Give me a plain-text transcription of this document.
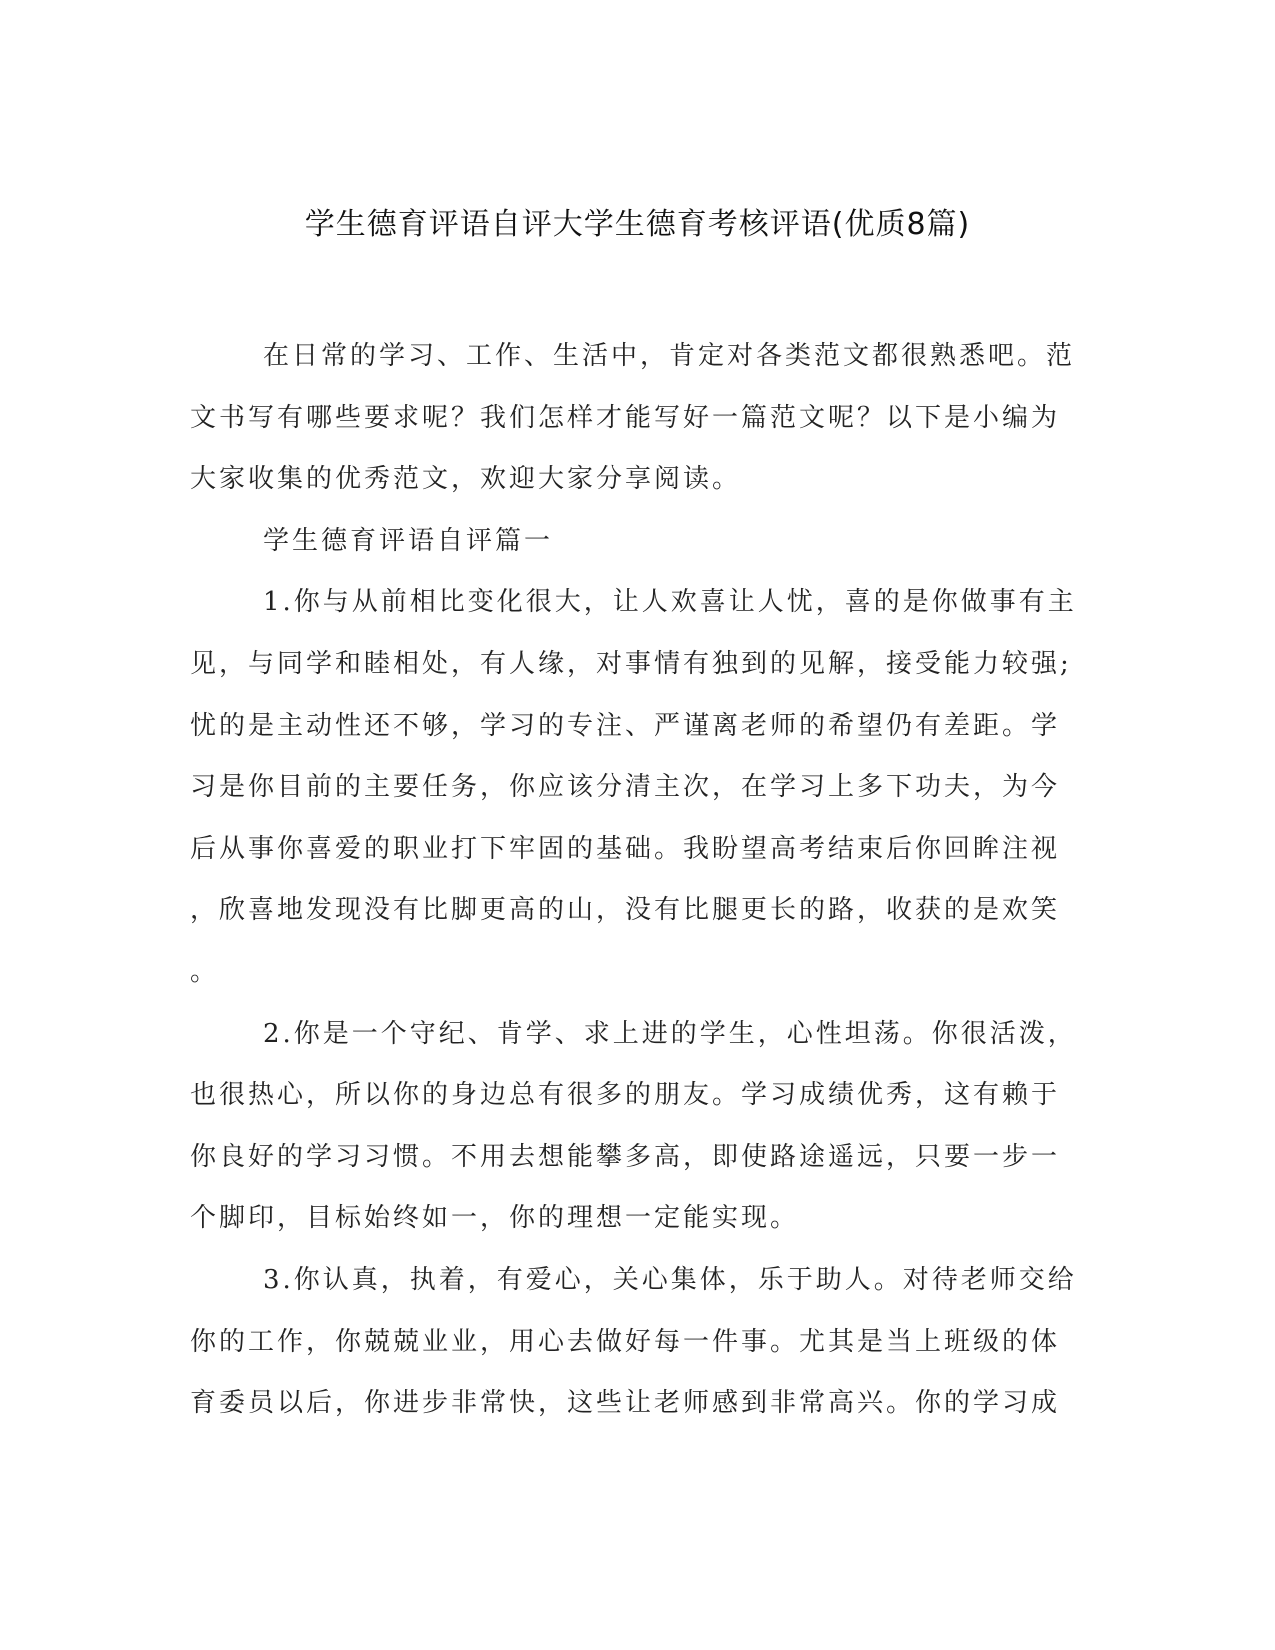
学生德育评语自评大学生德育考核评语(优质8篇)
在日常的学习、工作、生活中，肯定对各类范文都很熟悉吧。范
文书写有哪些要求呢？我们怎样才能写好一篇范文呢？以下是小编为
大家收集的优秀范文，欢迎大家分享阅读。
学生德育评语自评篇一
1.你与从前相比变化很大，让人欢喜让人忧，喜的是你做事有主
见，与同学和睦相处，有人缘，对事情有独到的见解，接受能力较强;
忧的是主动性还不够，学习的专注、严谨离老师的希望仍有差距。学
习是你目前的主要任务，你应该分清主次，在学习上多下功夫，为今
后从事你喜爱的职业打下牢固的基础。我盼望高考结束后你回眸注视
，欣喜地发现没有比脚更高的山，没有比腿更长的路，收获的是欢笑
。
2.你是一个守纪、肯学、求上进的学生，心性坦荡。你很活泼，
也很热心，所以你的身边总有很多的朋友。学习成绩优秀，这有赖于
你良好的学习习惯。不用去想能攀多高，即使路途遥远，只要一步一
个脚印，目标始终如一，你的理想一定能实现。
3.你认真，执着，有爱心，关心集体，乐于助人。对待老师交给
你的工作，你兢兢业业，用心去做好每一件事。尤其是当上班级的体
育委员以后，你进步非常快，这些让老师感到非常高兴。你的学习成
